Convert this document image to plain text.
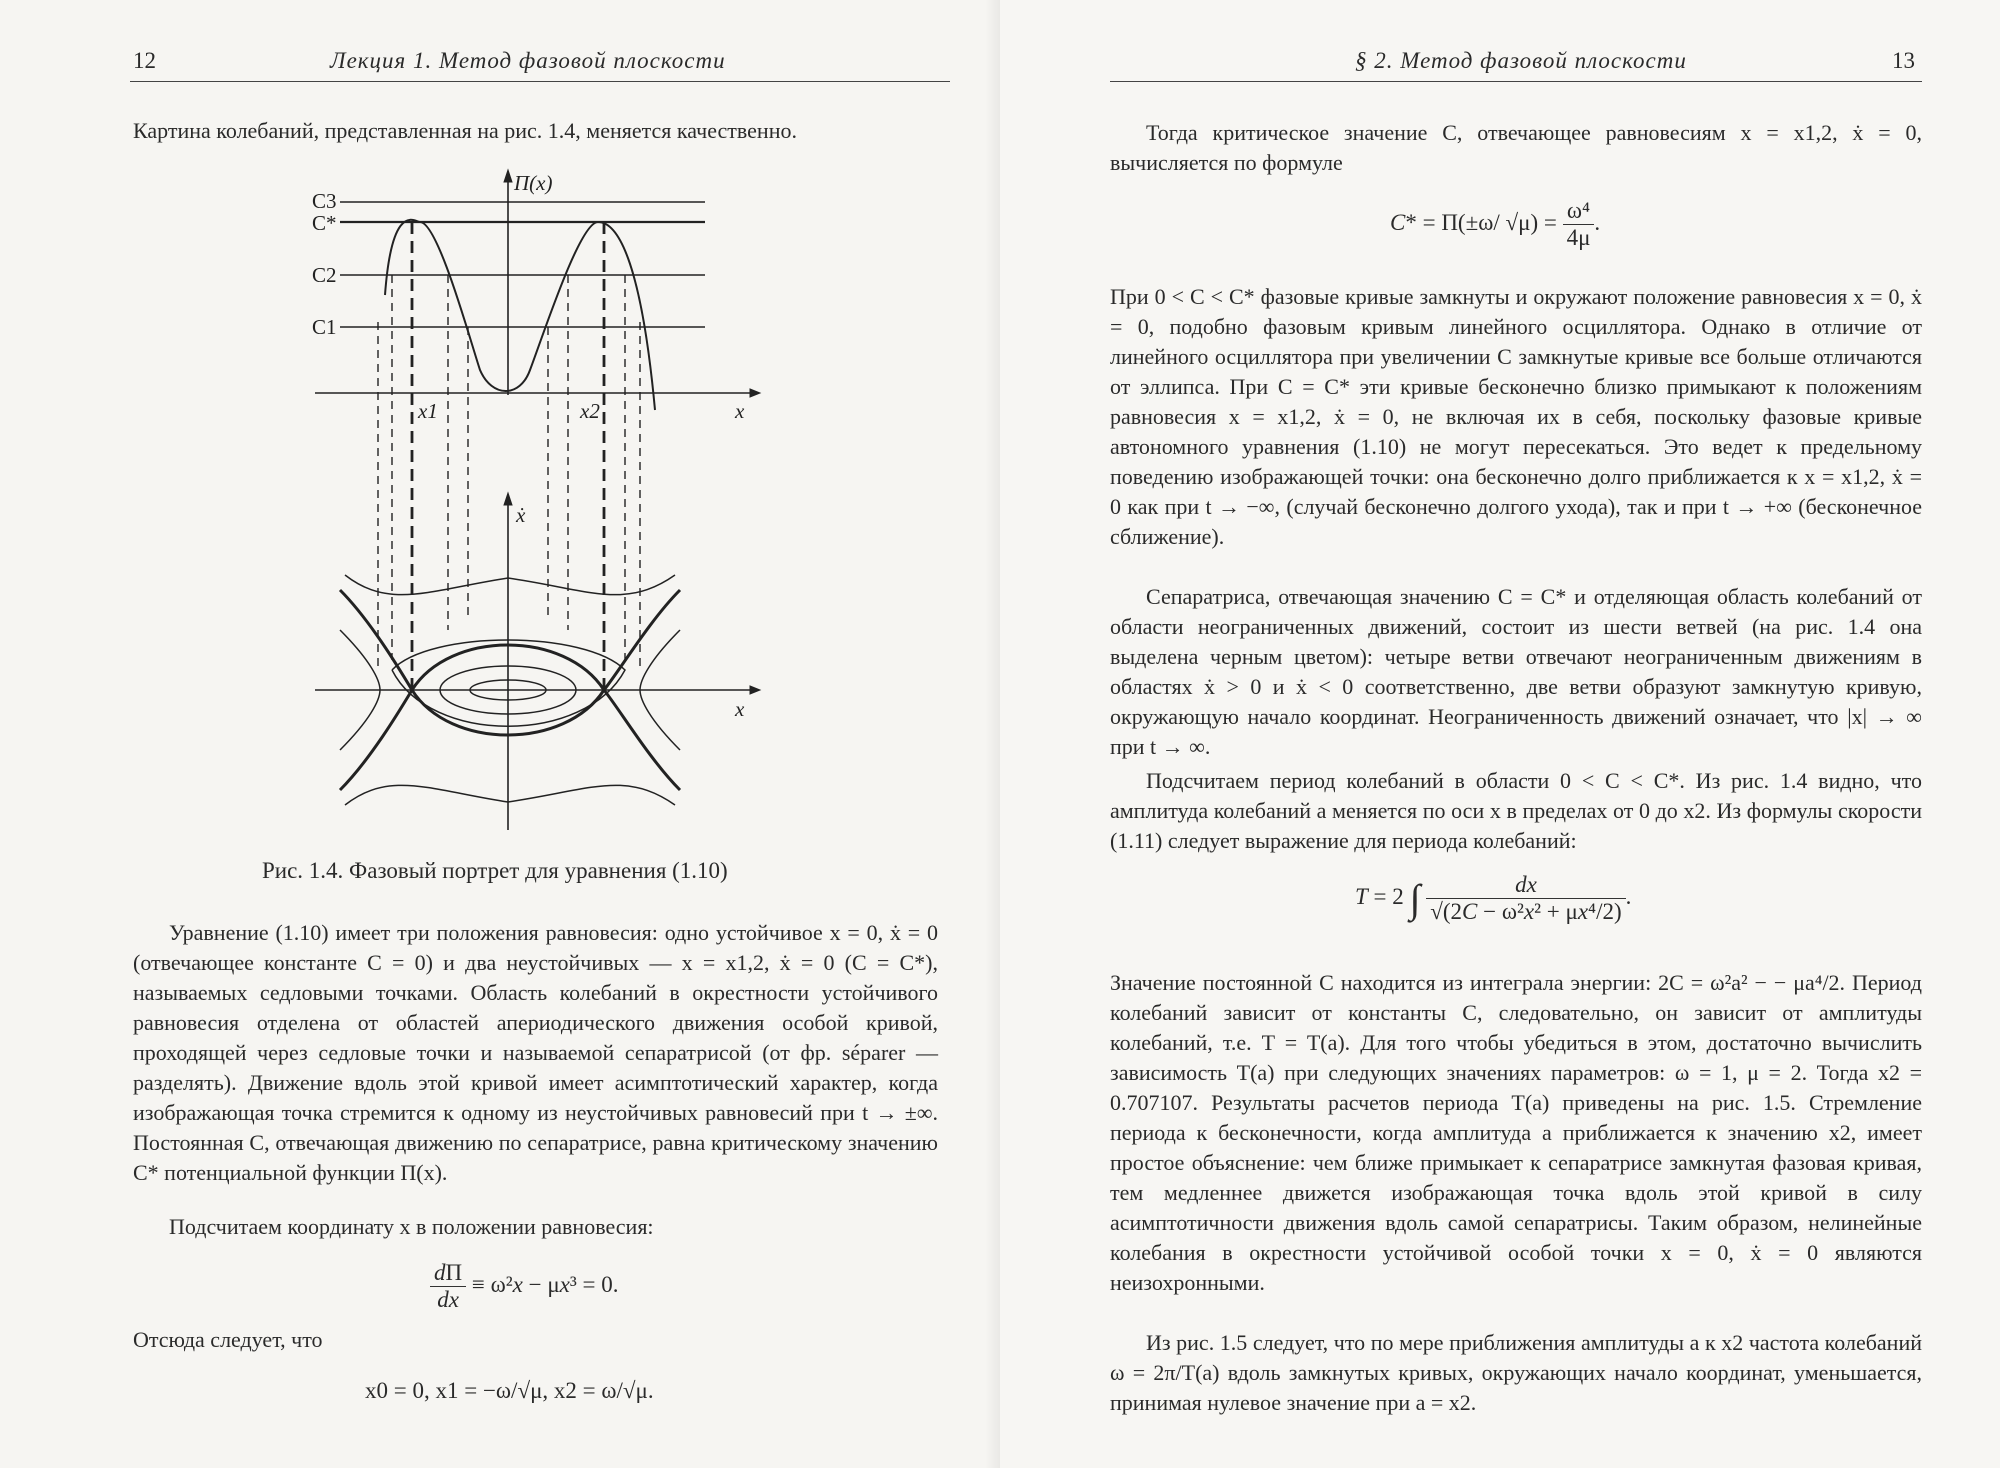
12	Лекция 1. Метод фазовой плоскости
Картина колебаний, представленная на рис. 1.4, меняется качественно.
C3
C*
C2
C1
Π(x)
x
x1	x2
ẋ
x
Рис. 1.4. Фазовый портрет для уравнения (1.10)

Уравнение (1.10) имеет три положения равновесия: одно устойчивое x = 0, ẋ = 0 (отвечающее константе C = 0) и два неустойчивых — x = x1,2, ẋ = 0 (C = C*), называемых седловыми точками. Область колебаний в окрестности устойчивого равновесия отделена от областей апериодического движения особой кривой, проходящей через седловые точки и называемой сепаратрисой (от фр. séparer — разделять). Движение вдоль этой кривой имеет асимптотический характер, когда изображающая точка стремится к одному из неустойчивых равновесий при t → ±∞. Постоянная C, отвечающая движению по сепаратрисе, равна критическому значению C* потенциальной функции Π(x).

Подсчитаем координату x в положении равновесия:

$\frac{d\Pi}{dx} \equiv \omega^2x - \mu x^3 = 0$.

Отсюда следует, что

x0 = 0, x1 = −ω/√μ, x2 = ω/√μ.
§ 2. Метод фазовой плоскости	13

Тогда критическое значение C, отвечающее равновесиям x = x1,2, ẋ = 0, вычисляется по формуле

C* = Π(±ω/ $√\mu) = \frac{\text{ω⁴}}{4\mu}$ .

При 0 < C < C* фазовые кривые замкнуты и окружают положение равновесия x = 0, ẋ = 0, подобно фазовым кривым линейного осциллятора. Однако в отличие от линейного осциллятора при увеличении C замкнутые кривые все больше отличаются от эллипса. При C = C* эти кривые бесконечно близко примыкают к положениям равновесия x = x1,2, ẋ = 0, не включая их в себя, поскольку фазовые кривые автономного уравнения (1.10) не могут пересекаться. Это ведет к предельному поведению изображающей точки: она бесконечно долго приближается к x = x1,2, ẋ = 0 как при t → −∞, (случай бесконечно долгого ухода), так и при t → +∞ (бесконечное сближение).

Сепаратриса, отвечающая значению C = C* и отделяющая область колебаний от области неограниченных движений, состоит из шести ветвей (на рис. 1.4 она выделена черным цветом): четыре ветви отвечают неограниченным движениям в областях ẋ > 0 и ẋ < 0 соответственно, две ветви образуют замкнутую кривую, окружающую начало координат. Неограниченность движений означает, что |x| → ∞ при t → ∞.

Подсчитаем период колебаний в области 0 < C < C*. Из рис. 1.4 видно, что амплитуда колебаний a меняется по оси x в пределах от 0 до x2. Из формулы скорости (1.11) следует выражение для периода колебаний:

T = 2 ∫ $\frac{dx}{\text{√(2C − ω²x² + μx⁴/2)}}$ .

Значение постоянной C находится из интеграла энергии: 2C = ω²a² − − μa⁴/2. Период колебаний зависит от константы C, следовательно, он зависит от амплитуды колебаний, т.е. T = T(a). Для того чтобы убедиться в этом, достаточно вычислить зависимость T(a) при следующих значениях параметров: ω = 1, μ = 2. Тогда x2 = 0.707107. Результаты расчетов периода T(a) приведены на рис. 1.5. Стремление периода к бесконечности, когда амплитуда a приближается к значению x2, имеет простое объяснение: чем ближе примыкает к сепаратрисе замкнутая фазовая кривая, тем медленнее движется изображающая точка вдоль этой кривой в силу асимптотичности движения вдоль самой сепаратрисы. Таким образом, нелинейные колебания в окрестности устойчивой особой точки x = 0, ẋ = 0 являются неизохронными.

Из рис. 1.5 следует, что по мере приближения амплитуды a к x2 частота колебаний ω = 2π/T(a) вдоль замкнутых кривых, окружающих начало координат, уменьшается, принимая нулевое значение при a = x2.
